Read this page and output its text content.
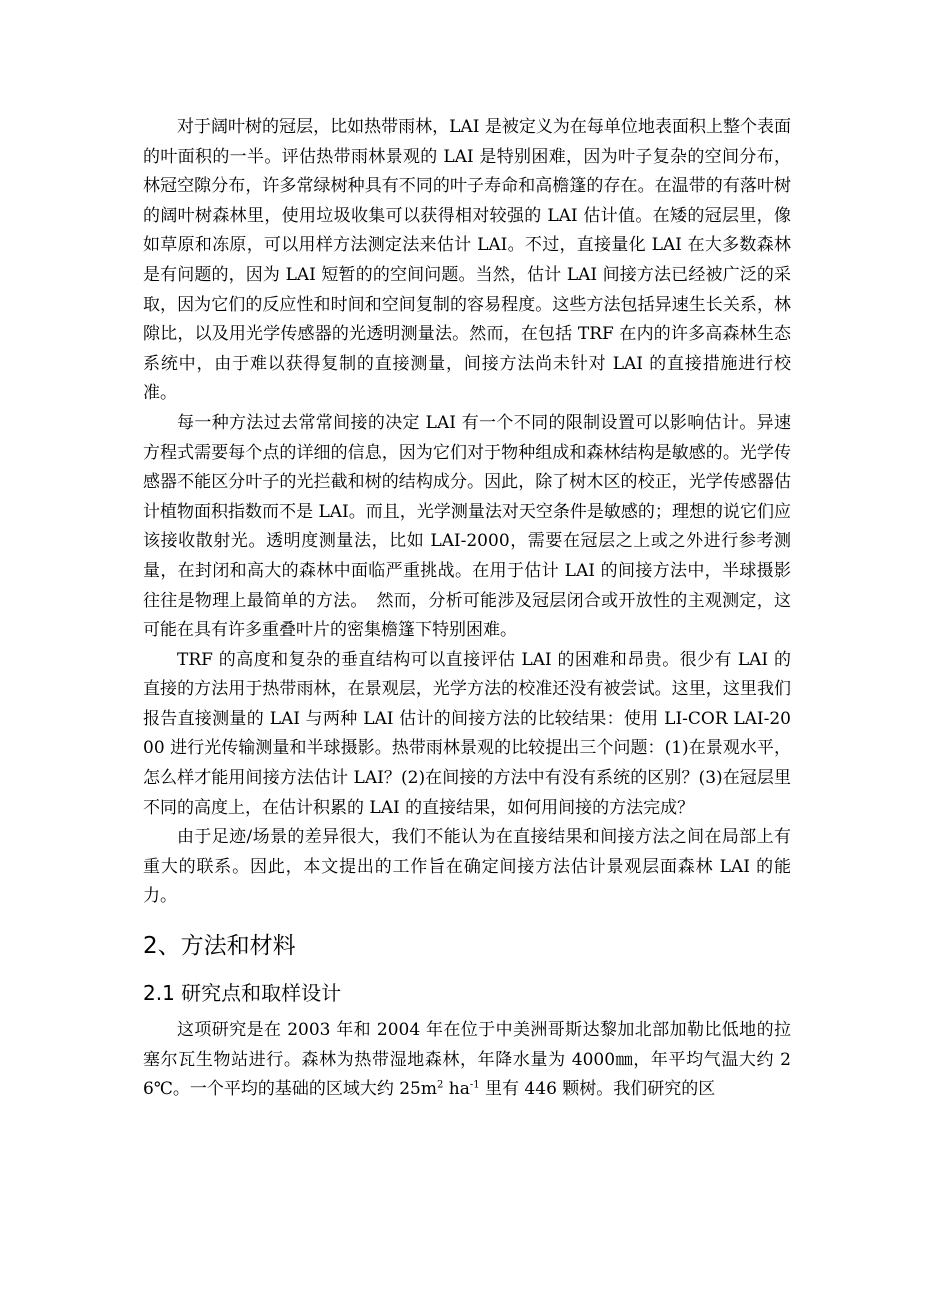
对于阔叶树的冠层，比如热带雨林，LAI 是被定义为在每单位地表面积上整个表面的叶面积的一半。评估热带雨林景观的 LAI 是特别困难，因为叶子复杂的空间分布，林冠空隙分布，许多常绿树种具有不同的叶子寿命和高檐篷的存在。在温带的有落叶树的阔叶树森林里，使用垃圾收集可以获得相对较强的 LAI 估计值。在矮的冠层里，像如草原和冻原，可以用样方法测定法来估计 LAI。不过，直接量化 LAI 在大多数森林是有问题的，因为 LAI 短暂的的空间问题。当然，估计 LAI 间接方法已经被广泛的采取，因为它们的反应性和时间和空间复制的容易程度。这些方法包括异速生长关系，林隙比，以及用光学传感器的光透明测量法。然而，在包括 TRF 在内的许多高森林生态系统中，由于难以获得复制的直接测量，间接方法尚未针对 LAI 的直接措施进行校准。

每一种方法过去常常间接的决定 LAI 有一个不同的限制设置可以影响估计。异速方程式需要每个点的详细的信息，因为它们对于物种组成和森林结构是敏感的。光学传感器不能区分叶子的光拦截和树的结构成分。因此，除了树木区的校正，光学传感器估计植物面积指数而不是 LAI。而且，光学测量法对天空条件是敏感的；理想的说它们应该接收散射光。透明度测量法，比如 LAI-2000，需要在冠层之上或之外进行参考测量，在封闭和高大的森林中面临严重挑战。在用于估计 LAI 的间接方法中，半球摄影往往是物理上最简单的方法。　然而，分析可能涉及冠层闭合或开放性的主观测定，这可能在具有许多重叠叶片的密集檐篷下特别困难。

TRF 的高度和复杂的垂直结构可以直接评估 LAI 的困难和昂贵。很少有 LAI 的直接的方法用于热带雨林，在景观层，光学方法的校准还没有被尝试。这里，这里我们报告直接测量的 LAI 与两种 LAI 估计的间接方法的比较结果：使用 LI-COR LAI-2000 进行光传输测量和半球摄影。热带雨林景观的比较提出三个问题：(1)在景观水平，怎么样才能用间接方法估计 LAI？(2)在间接的方法中有没有系统的区别？(3)在冠层里不同的高度上，在估计积累的 LAI 的直接结果，如何用间接的方法完成？

由于足迹/场景的差异很大，我们不能认为在直接结果和间接方法之间在局部上有重大的联系。因此，本文提出的工作旨在确定间接方法估计景观层面森林 LAI 的能力。

2、方法和材料
2.1 研究点和取样设计

这项研究是在 2003 年和 2004 年在位于中美洲哥斯达黎加北部加勒比低地的拉塞尔瓦生物站进行。森林为热带湿地森林，年降水量为 4000㎜，年平均气温大约 26℃。一个平均的基础的区域大约 $25m^2$ $ha^{-1}$ 里有 446 颗树。我们研究的区
